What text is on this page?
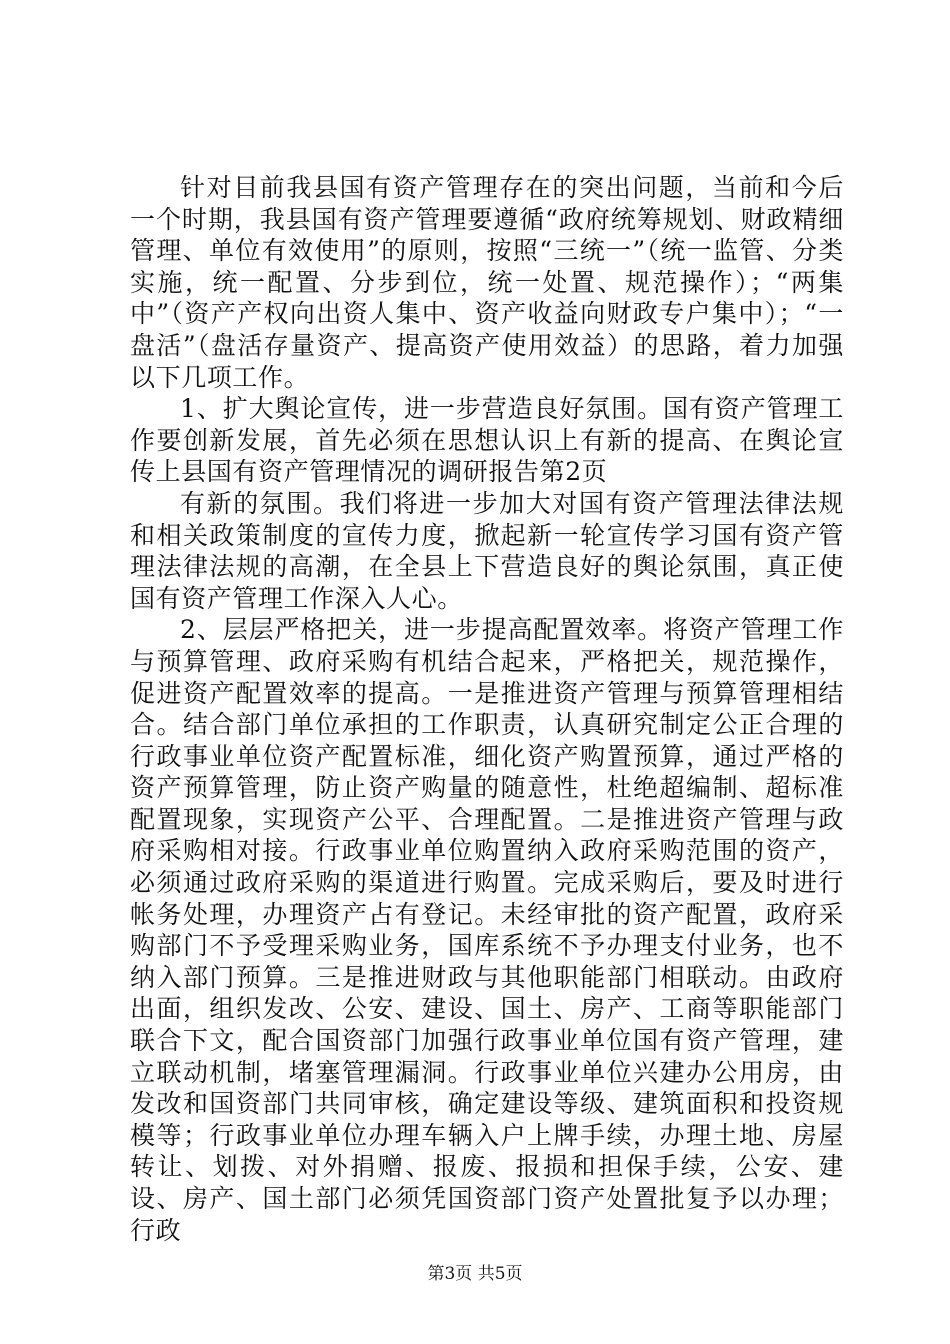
针对目前我县国有资产管理存在的突出问题，当前和今后一个时期，我县国有资产管理要遵循“政府统筹规划、财政精细管理、单位有效使用”的原则，按照“三统一”（统一监管、分类实施，统一配置、分步到位，统一处置、规范操作）；“两集中”（资产产权向出资人集中、资产收益向财政专户集中）；“一盘活”（盘活存量资产、提高资产使用效益）的思路，着力加强以下几项工作。

1、扩大舆论宣传，进一步营造良好氛围。国有资产管理工作要创新发展，首先必须在思想认识上有新的提高、在舆论宣传上县国有资产管理情况的调研报告第2页

有新的氛围。我们将进一步加大对国有资产管理法律法规和相关政策制度的宣传力度，掀起新一轮宣传学习国有资产管理法律法规的高潮，在全县上下营造良好的舆论氛围，真正使国有资产管理工作深入人心。

2、层层严格把关，进一步提高配置效率。将资产管理工作与预算管理、政府采购有机结合起来，严格把关，规范操作，促进资产配置效率的提高。一是推进资产管理与预算管理相结合。结合部门单位承担的工作职责，认真研究制定公正合理的行政事业单位资产配置标准，细化资产购置预算，通过严格的资产预算管理，防止资产购量的随意性，杜绝超编制、超标准配置现象，实现资产公平、合理配置。二是推进资产管理与政府采购相对接。行政事业单位购置纳入政府采购范围的资产，必须通过政府采购的渠道进行购置。完成采购后，要及时进行帐务处理，办理资产占有登记。未经审批的资产配置，政府采购部门不予受理采购业务，国库系统不予办理支付业务，也不纳入部门预算。三是推进财政与其他职能部门相联动。由政府出面，组织发改、公安、建设、国土、房产、工商等职能部门联合下文，配合国资部门加强行政事业单位国有资产管理，建立联动机制，堵塞管理漏洞。行政事业单位兴建办公用房，由发改和国资部门共同审核，确定建设等级、建筑面积和投资规模等；行政事业单位办理车辆入户上牌手续，办理土地、房屋转让、划拨、对外捐赠、报废、报损和担保手续，公安、建设、房产、国土部门必须凭国资部门资产处置批复予以办理；行政

第3页 共5页
